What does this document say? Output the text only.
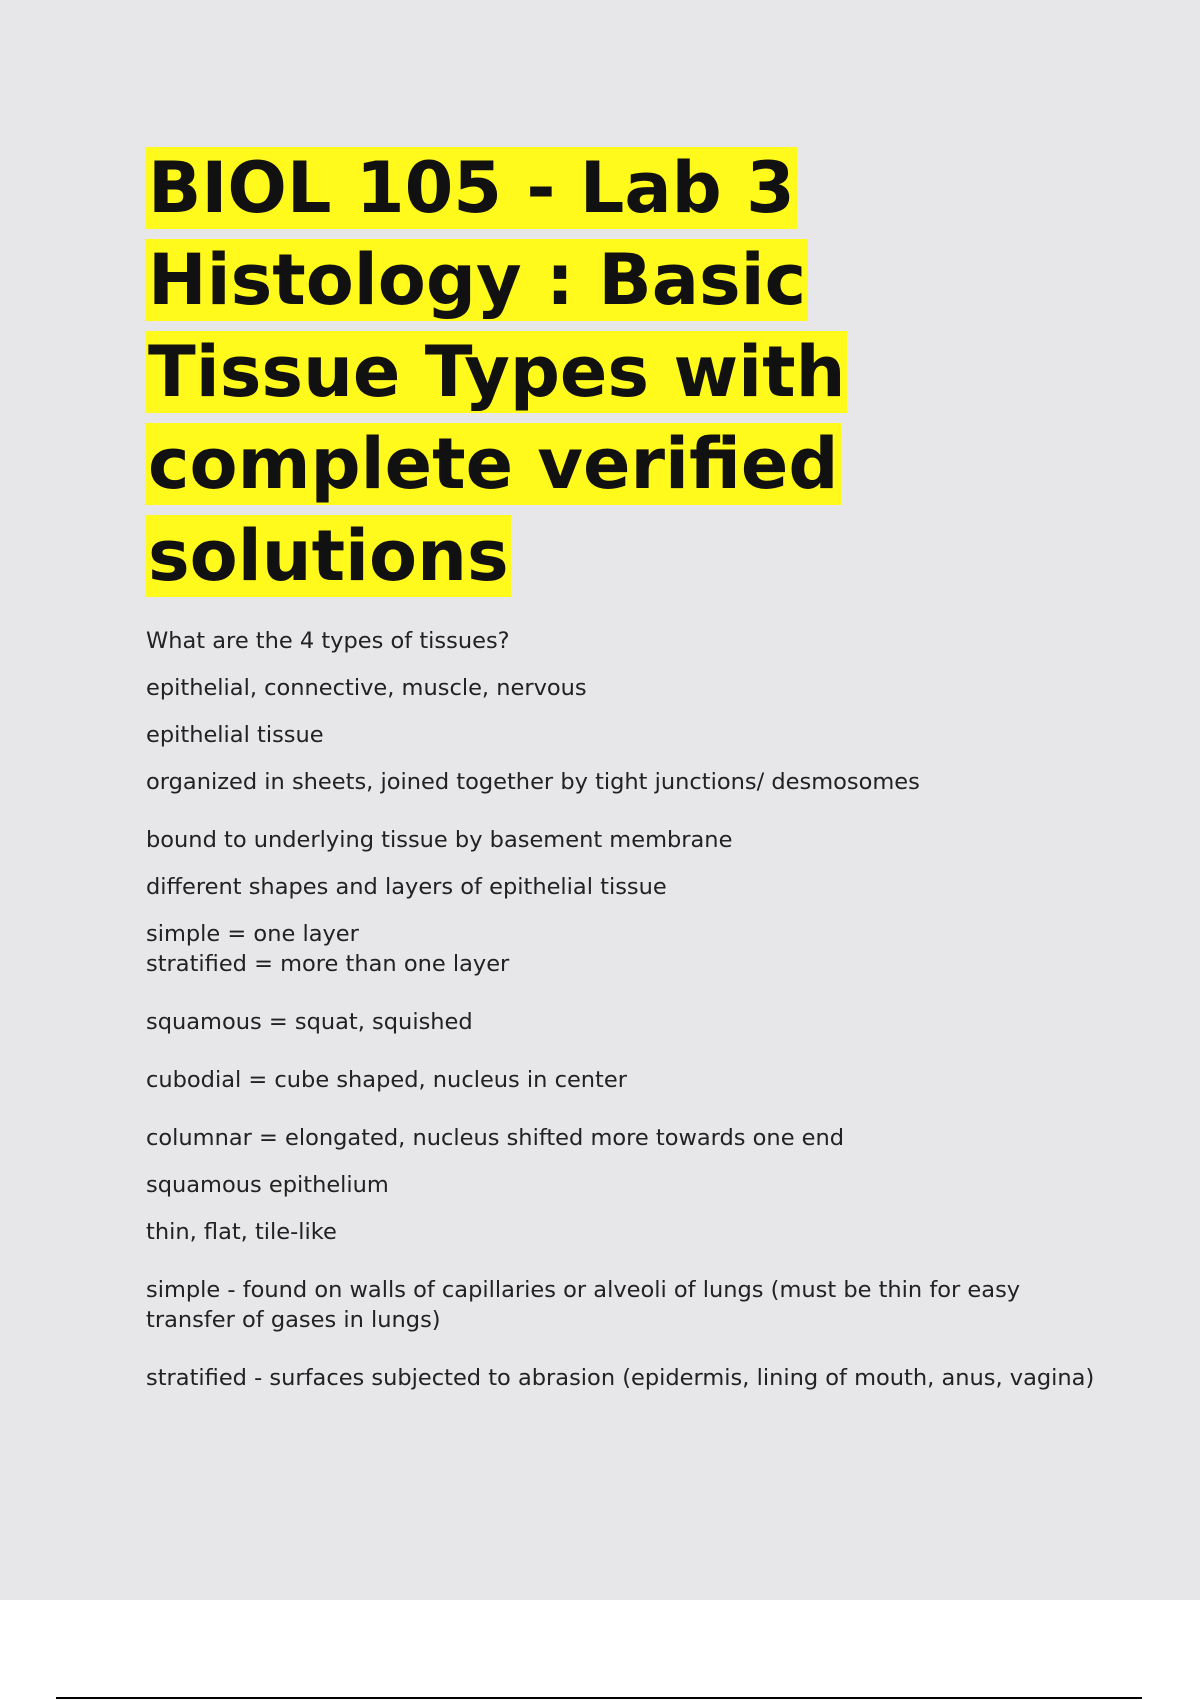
BIOL 105 - Lab 3 Histology : Basic Tissue Types with complete verified solutions
What are the 4 types of tissues?
epithelial, connective, muscle, nervous
epithelial tissue
organized in sheets, joined together by tight junctions/ desmosomes
bound to underlying tissue by basement membrane
different shapes and layers of epithelial tissue
simple = one layer
stratified = more than one layer
squamous = squat, squished
cubodial = cube shaped, nucleus in center
columnar = elongated, nucleus shifted more towards one end
squamous epithelium
thin, flat, tile-like
simple - found on walls of capillaries or alveoli of lungs (must be thin for easy transfer of gases in lungs)
stratified - surfaces subjected to abrasion (epidermis, lining of mouth, anus, vagina)
